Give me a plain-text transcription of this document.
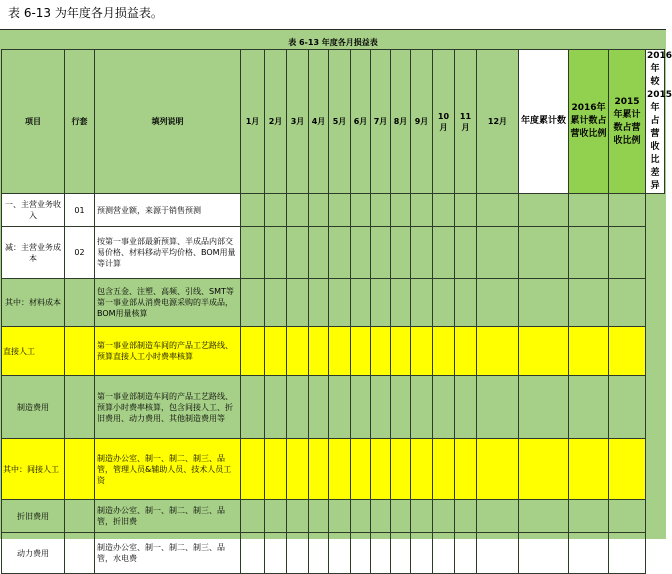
表 6-13 为年度各月损益表。
表 6-13 年度各月损益表
项目	行套	填列说明	1月	2月	3月	4月	5月	6月	7月	8月	9月	10月	11月	12月	年度累计数	2016年累计数占营收比例	2015年累计数占营收比例	2016年较2015年占营收比差异
一、主营业务收入	01	预测营业额，来源于销售预测																
减：主营业务成本	02	按第一事业部最新预算、半成品内部交易价格、材料移动平均价格、BOM用量等计算																
其中：材料成本		包含五金、注塑、高频、引线、SMT等第一事业部从消费电源采购的半成品，BOM用量核算																
直接人工		第一事业部制造车间的产品工艺路线、预算直接人工小时费率核算																
制造费用		第一事业部制造车间的产品工艺路线、预算小时费率核算，包含间接人工、折旧费用、动力费用、其他制造费用等																
其中：间接人工		制造办公室、制一、制二、制三、品管，管理人员&辅助人员、技术人员工资																
折旧费用		制造办公室、制一、制二、制三、品管，折旧费																
动力费用		制造办公室、制一、制二、制三、品管，水电费																
